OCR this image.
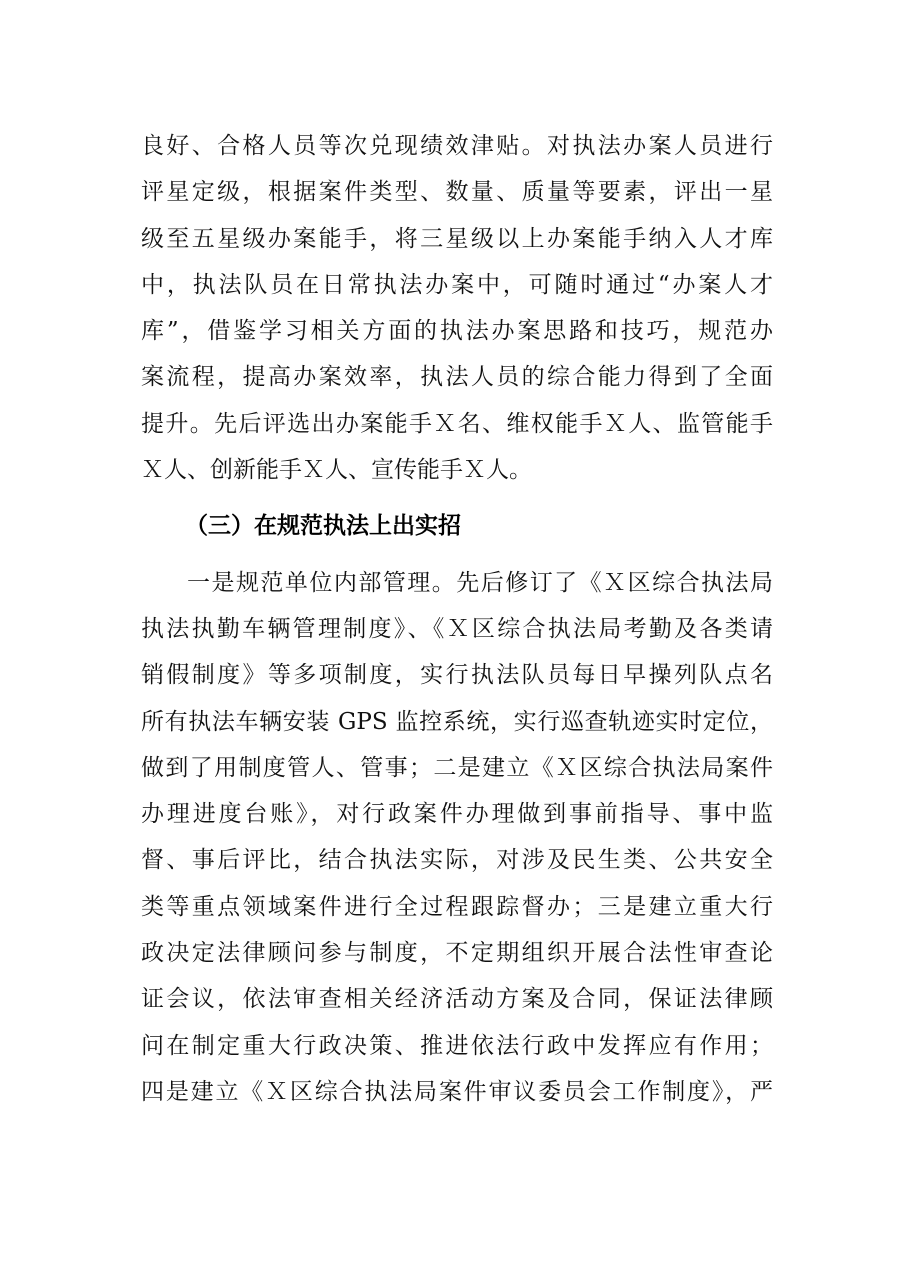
良好、合格人员等次兑现绩效津贴。对执法办案人员进行
评星定级，根据案件类型、数量、质量等要素，评出一星
级至五星级办案能手，将三星级以上办案能手纳入人才库
中，执法队员在日常执法办案中，可随时通过“办案人才
库”，借鉴学习相关方面的执法办案思路和技巧，规范办
案流程，提高办案效率，执法人员的综合能力得到了全面
提升。先后评选出办案能手Ｘ名、维权能手Ｘ人、监管能手
Ｘ人、创新能手Ｘ人、宣传能手Ｘ人。
（三）在规范执法上出实招
一是规范单位内部管理。先后修订了《Ｘ区综合执法局
执法执勤车辆管理制度》、《Ｘ区综合执法局考勤及各类请
销假制度》等多项制度，实行执法队员每日早操列队点名
所有执法车辆安装 GPS 监控系统，实行巡查轨迹实时定位，
做到了用制度管人、管事；二是建立《Ｘ区综合执法局案件
办理进度台账》，对行政案件办理做到事前指导、事中监
督、事后评比，结合执法实际，对涉及民生类、公共安全
类等重点领域案件进行全过程跟踪督办；三是建立重大行
政决定法律顾问参与制度，不定期组织开展合法性审查论
证会议，依法审查相关经济活动方案及合同，保证法律顾
问在制定重大行政决策、推进依法行政中发挥应有作用；
四是建立《Ｘ区综合执法局案件审议委员会工作制度》，严
